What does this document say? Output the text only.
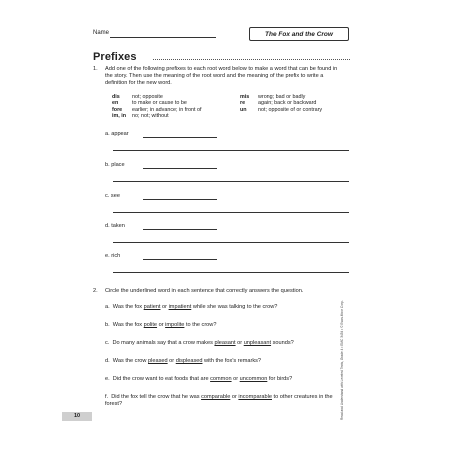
Name	The Fox and the Crow
Prefixes
1. Add one of the following prefixes to each root word below to make a word that can be found in the story. Then use the meaning of the root word and the meaning of the prefix to write a definition for the new word.
dis not; opposite
en	to make or cause to be
fore earlier; in advance; in front of
im, in no; not; without
mis wrong; bad or badly
re again; back or backward
un not; opposite of or contrary
a. appear
b. place
c. see
d. taken
e. rich
2. Circle the underlined word in each sentence that correctly answers the question.
a. Was the fox patient or impatient while she was talking to the crow?
b. Was the fox polite or impolite to the crow?
c. Do many animals say that a crow makes pleasant or unpleasant sounds?
d. Was the crow pleased or displeased with the fox's remarks?
e. Did the crow want to eat foods that are common or uncommon for birds?
f. Did the fox tell the crow that he was comparable or incomparable to other creatures in the forest?
10	Read and Understand with Leveled Texts, Grade 4 • EMC 3454 • © Evan-Moor Corp.
